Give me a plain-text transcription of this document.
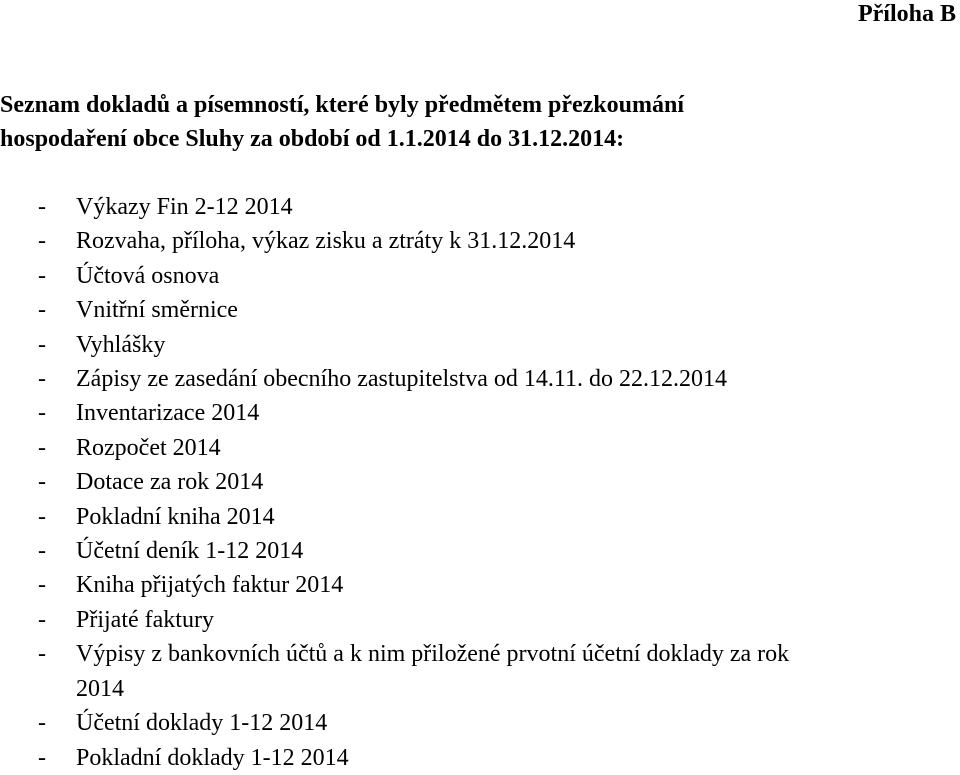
Příloha B
Seznam dokladů a písemností, které byly předmětem přezkoumání
hospodaření obce Sluhy za období od 1.1.2014 do 31.12.2014:
- Výkazy Fin 2-12 2014
- Rozvaha, příloha, výkaz zisku a ztráty k 31.12.2014
- Účtová osnova
- Vnitřní směrnice
- Vyhlášky
- Zápisy ze zasedání obecního zastupitelstva od 14.11. do 22.12.2014
- Inventarizace 2014
- Rozpočet 2014
- Dotace za rok 2014
- Pokladní kniha 2014
- Účetní deník 1-12 2014
- Kniha přijatých faktur 2014
- Přijaté faktury
- Výpisy z bankovních účtů a k nim přiložené prvotní účetní doklady za rok
2014
- Účetní doklady 1-12 2014
- Pokladní doklady 1-12 2014
